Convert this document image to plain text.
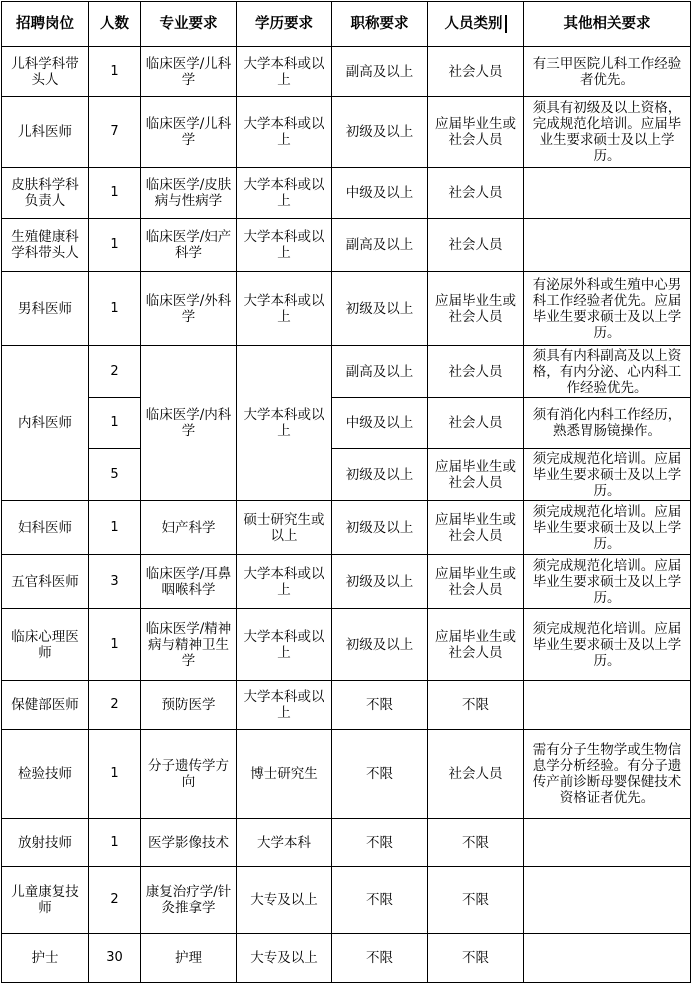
招聘岗位	人数	专业要求	学历要求	职称要求	人员类别	其他相关要求
儿科学科带头人	1	临床医学/儿科学	大学本科或以上	副高及以上	社会人员	有三甲医院儿科工作经验者优先。
儿科医师	7	临床医学/儿科学	大学本科或以上	初级及以上	应届毕业生或社会人员	须具有初级及以上资格，完成规范化培训。应届毕业生要求硕士及以上学历。
皮肤科学科负责人	1	临床医学/皮肤病与性病学	大学本科或以上	中级及以上	社会人员	
生殖健康科学科带头人	1	临床医学/妇产科学	大学本科或以上	副高及以上	社会人员	
男科医师	1	临床医学/外科学	大学本科或以上	初级及以上	应届毕业生或社会人员	有泌尿外科或生殖中心男科工作经验者优先。应届毕业生要求硕士及以上学历。
内科医师	2	临床医学/内科学	大学本科或以上	副高及以上	社会人员	须具有内科副高及以上资格，有内分泌、心内科工作经验优先。
	1			中级及以上	社会人员	须有消化内科工作经历，熟悉胃肠镜操作。
	5			初级及以上	应届毕业生或社会人员	须完成规范化培训。应届毕业生要求硕士及以上学历。
妇科医师	1	妇产科学	硕士研究生或以上	初级及以上	应届毕业生或社会人员	须完成规范化培训。应届毕业生要求硕士及以上学历。
五官科医师	3	临床医学/耳鼻咽喉科学	大学本科或以上	初级及以上	应届毕业生或社会人员	须完成规范化培训。应届毕业生要求硕士及以上学历。
临床心理医师	1	临床医学/精神病与精神卫生学	大学本科或以上	初级及以上	应届毕业生或社会人员	须完成规范化培训。应届毕业生要求硕士及以上学历。
保健部医师	2	预防医学	大学本科或以上	不限	不限	
检验技师	1	分子遗传学方向	博士研究生	不限	社会人员	需有分子生物学或生物信息学分析经验。有分子遗传产前诊断母婴保健技术资格证者优先。
放射技师	1	医学影像技术	大学本科	不限	不限	
儿童康复技师	2	康复治疗学/针灸推拿学	大专及以上	不限	不限	
护士	30	护理	大专及以上	不限	不限	
